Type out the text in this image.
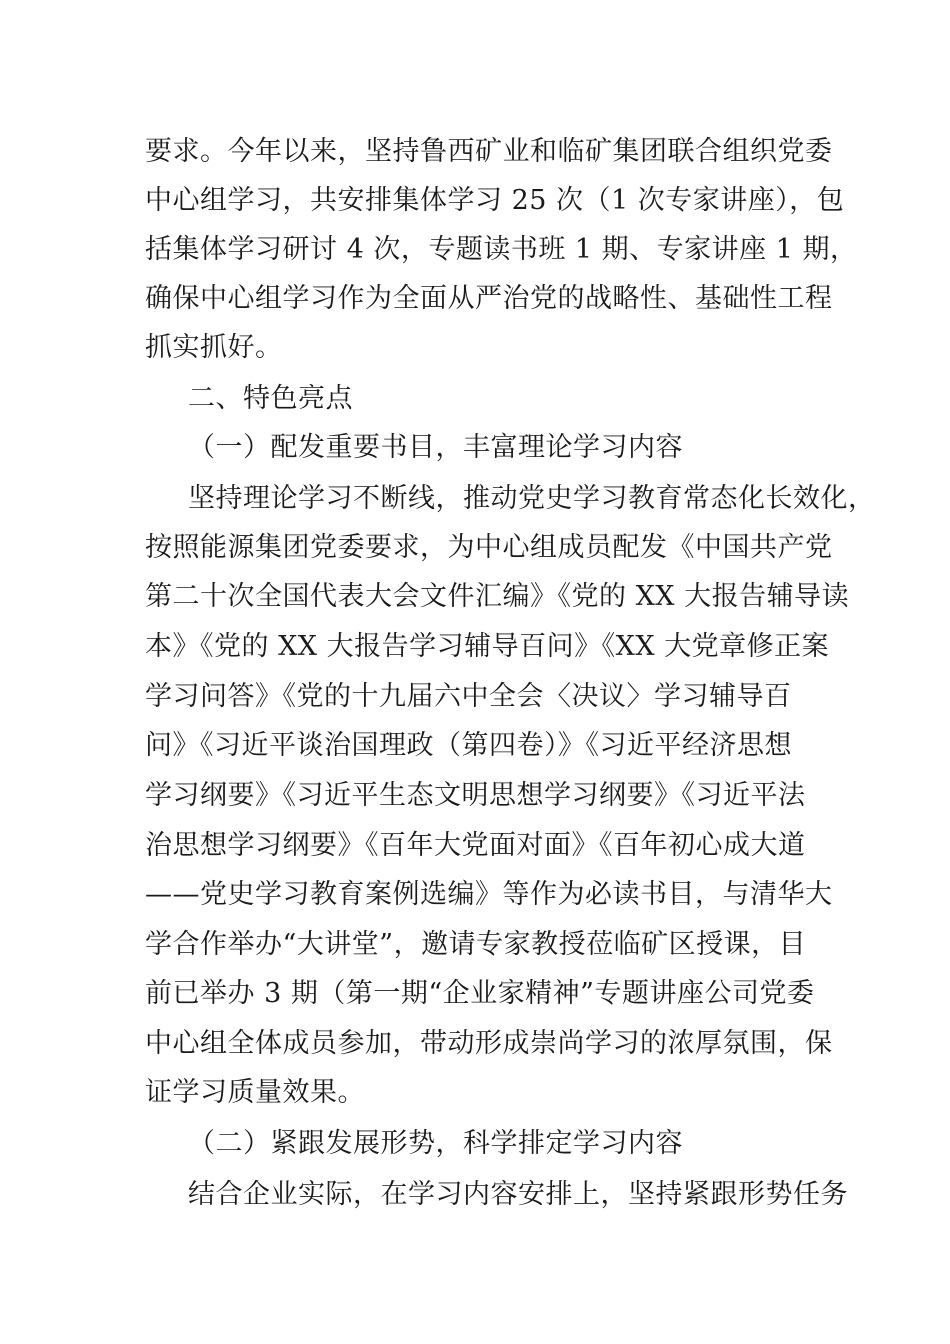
要求。今年以来，坚持鲁西矿业和临矿集团联合组织党委
中心组学习，共安排集体学习 25 次（1 次专家讲座），包
括集体学习研讨 4 次，专题读书班 1 期、专家讲座 1 期，
确保中心组学习作为全面从严治党的战略性、基础性工程
抓实抓好。
二、特色亮点
（一）配发重要书目，丰富理论学习内容
坚持理论学习不断线，推动党史学习教育常态化长效化，
按照能源集团党委要求，为中心组成员配发《中国共产党
第二十次全国代表大会文件汇编》《党的 XX 大报告辅导读
本》《党的 XX 大报告学习辅导百问》《XX 大党章修正案
学习问答》《党的十九届六中全会〈决议〉学习辅导百
问》《习近平谈治国理政（第四卷）》《习近平经济思想
学习纲要》《习近平生态文明思想学习纲要》《习近平法
治思想学习纲要》《百年大党面对面》《百年初心成大道
——党史学习教育案例选编》等作为必读书目，与清华大
学合作举办“大讲堂”，邀请专家教授莅临矿区授课，目
前已举办 3 期（第一期“企业家精神”专题讲座公司党委
中心组全体成员参加，带动形成崇尚学习的浓厚氛围，保
证学习质量效果。
（二）紧跟发展形势，科学排定学习内容
结合企业实际，在学习内容安排上，坚持紧跟形势任务
